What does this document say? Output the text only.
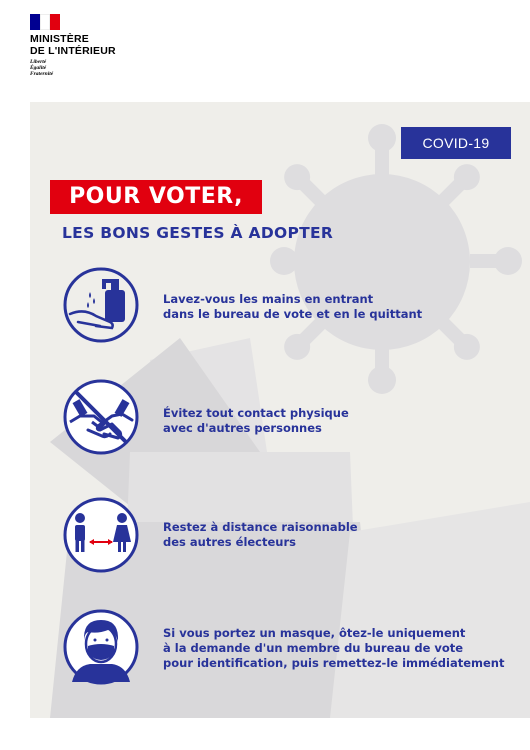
MINISTÈRE
DE L'INTÉRIEUR
Liberté
Égalité
Fraternité
COVID-19
POUR VOTER,
LES BONS GESTES À ADOPTER
Lavez-vous les mains en entrant
dans le bureau de vote et en le quittant
Évitez tout contact physique
avec d'autres personnes
Restez à distance raisonnable
des autres électeurs
Si vous portez un masque, ôtez-le uniquement
à la demande d'un membre du bureau de vote
pour identification, puis remettez-le immédiatement
